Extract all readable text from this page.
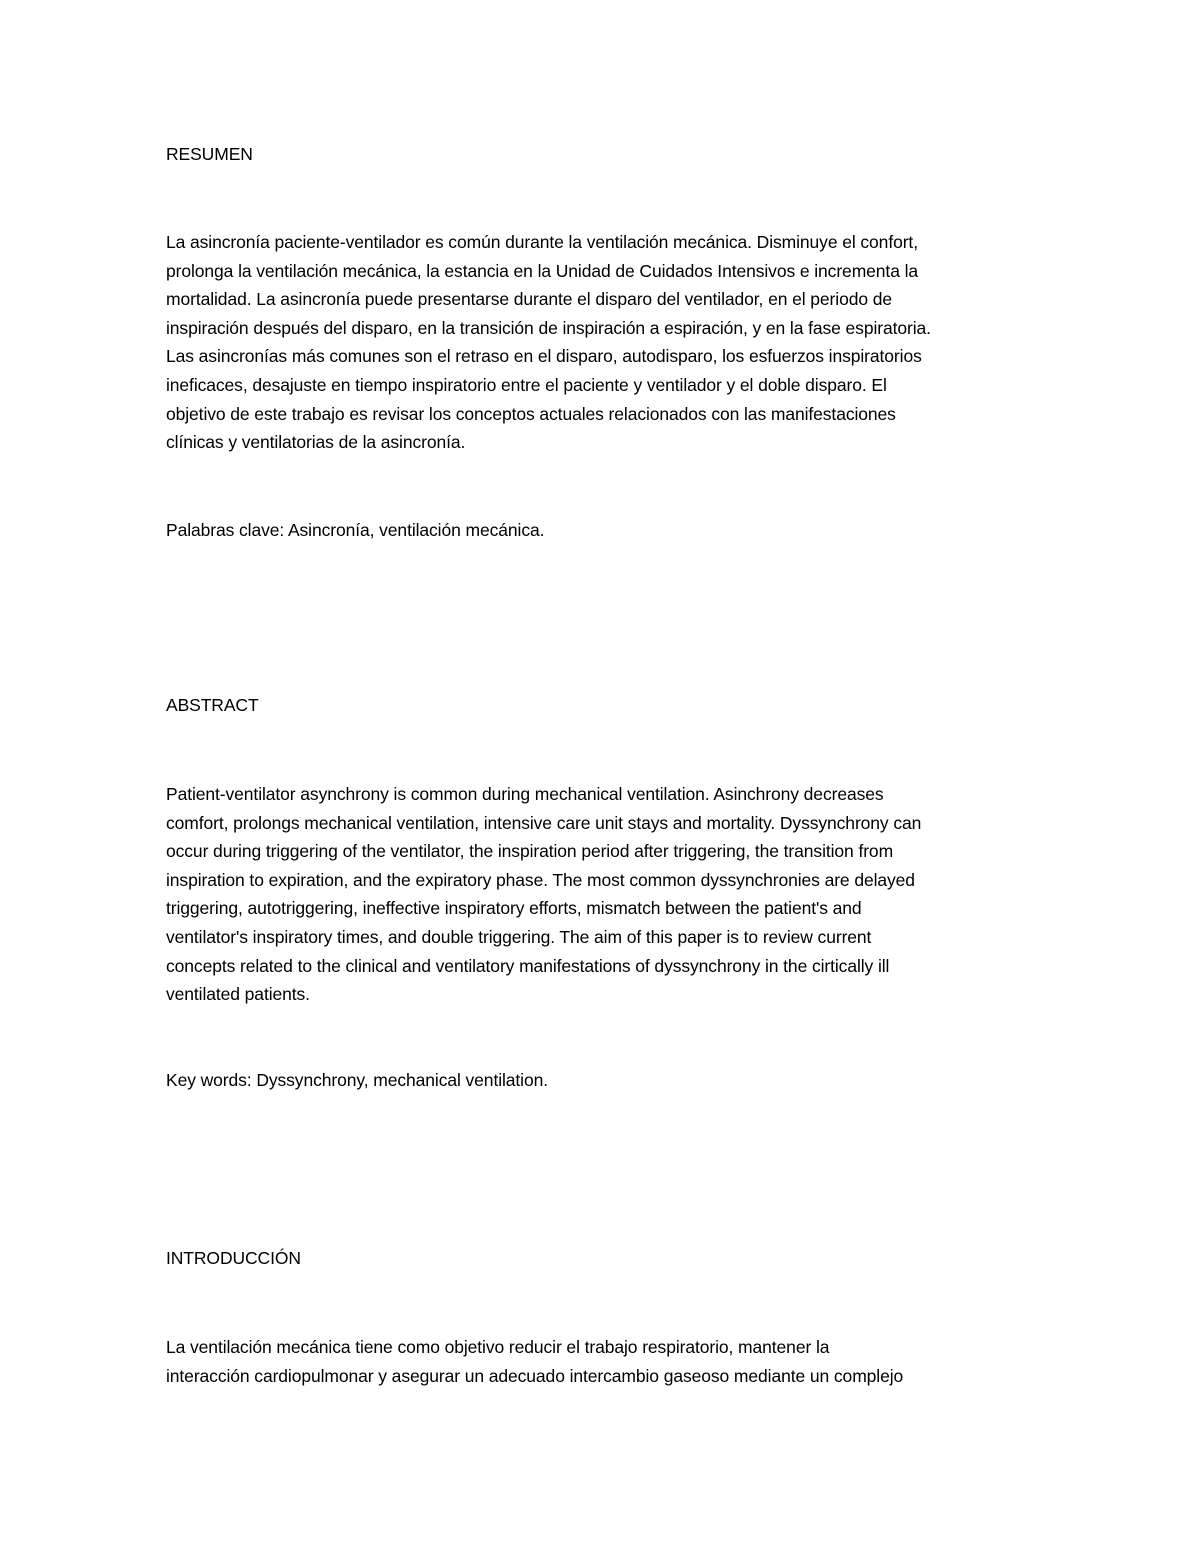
RESUMEN
La asincronía paciente-ventilador es común durante la ventilación mecánica. Disminuye el confort,
prolonga la ventilación mecánica, la estancia en la Unidad de Cuidados Intensivos e incrementa la
mortalidad. La asincronía puede presentarse durante el disparo del ventilador, en el periodo de
inspiración después del disparo, en la transición de inspiración a espiración, y en la fase espiratoria.
Las asincronías más comunes son el retraso en el disparo, autodisparo, los esfuerzos inspiratorios
ineficaces, desajuste en tiempo inspiratorio entre el paciente y ventilador y el doble disparo. El
objetivo de este trabajo es revisar los conceptos actuales relacionados con las manifestaciones
clínicas y ventilatorias de la asincronía.
Palabras clave: Asincronía, ventilación mecánica.
ABSTRACT
Patient-ventilator asynchrony is common during mechanical ventilation. Asinchrony decreases
comfort, prolongs mechanical ventilation, intensive care unit stays and mortality. Dyssynchrony can
occur during triggering of the ventilator, the inspiration period after triggering, the transition from
inspiration to expiration, and the expiratory phase. The most common dyssynchronies are delayed
triggering, autotriggering, ineffective inspiratory efforts, mismatch between the patient's and
ventilator's inspiratory times, and double triggering. The aim of this paper is to review current
concepts related to the clinical and ventilatory manifestations of dyssynchrony in the cirtically ill
ventilated patients.
Key words: Dyssynchrony, mechanical ventilation.
INTRODUCCIÓN
La ventilación mecánica tiene como objetivo reducir el trabajo respiratorio, mantener la
interacción cardiopulmonar y asegurar un adecuado intercambio gaseoso mediante un complejo
